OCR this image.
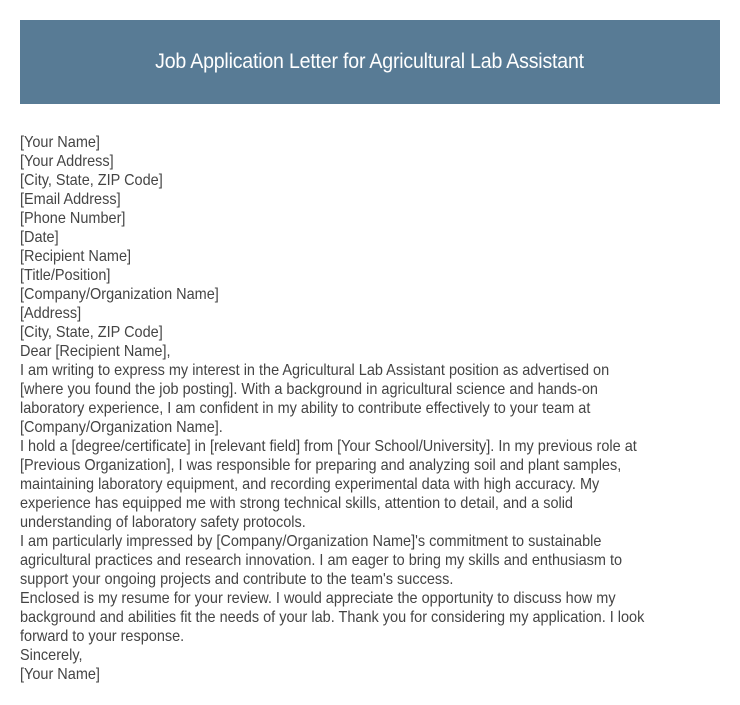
Job Application Letter for Agricultural Lab Assistant
[Your Name]
[Your Address]
[City, State, ZIP Code]
[Email Address]
[Phone Number]
[Date]
[Recipient Name]
[Title/Position]
[Company/Organization Name]
[Address]
[City, State, ZIP Code]
Dear [Recipient Name],
I am writing to express my interest in the Agricultural Lab Assistant position as advertised on
[where you found the job posting]. With a background in agricultural science and hands-on
laboratory experience, I am confident in my ability to contribute effectively to your team at
[Company/Organization Name].
I hold a [degree/certificate] in [relevant field] from [Your School/University]. In my previous role at
[Previous Organization], I was responsible for preparing and analyzing soil and plant samples,
maintaining laboratory equipment, and recording experimental data with high accuracy. My
experience has equipped me with strong technical skills, attention to detail, and a solid
understanding of laboratory safety protocols.
I am particularly impressed by [Company/Organization Name]'s commitment to sustainable
agricultural practices and research innovation. I am eager to bring my skills and enthusiasm to
support your ongoing projects and contribute to the team's success.
Enclosed is my resume for your review. I would appreciate the opportunity to discuss how my
background and abilities fit the needs of your lab. Thank you for considering my application. I look
forward to your response.
Sincerely,
[Your Name]
